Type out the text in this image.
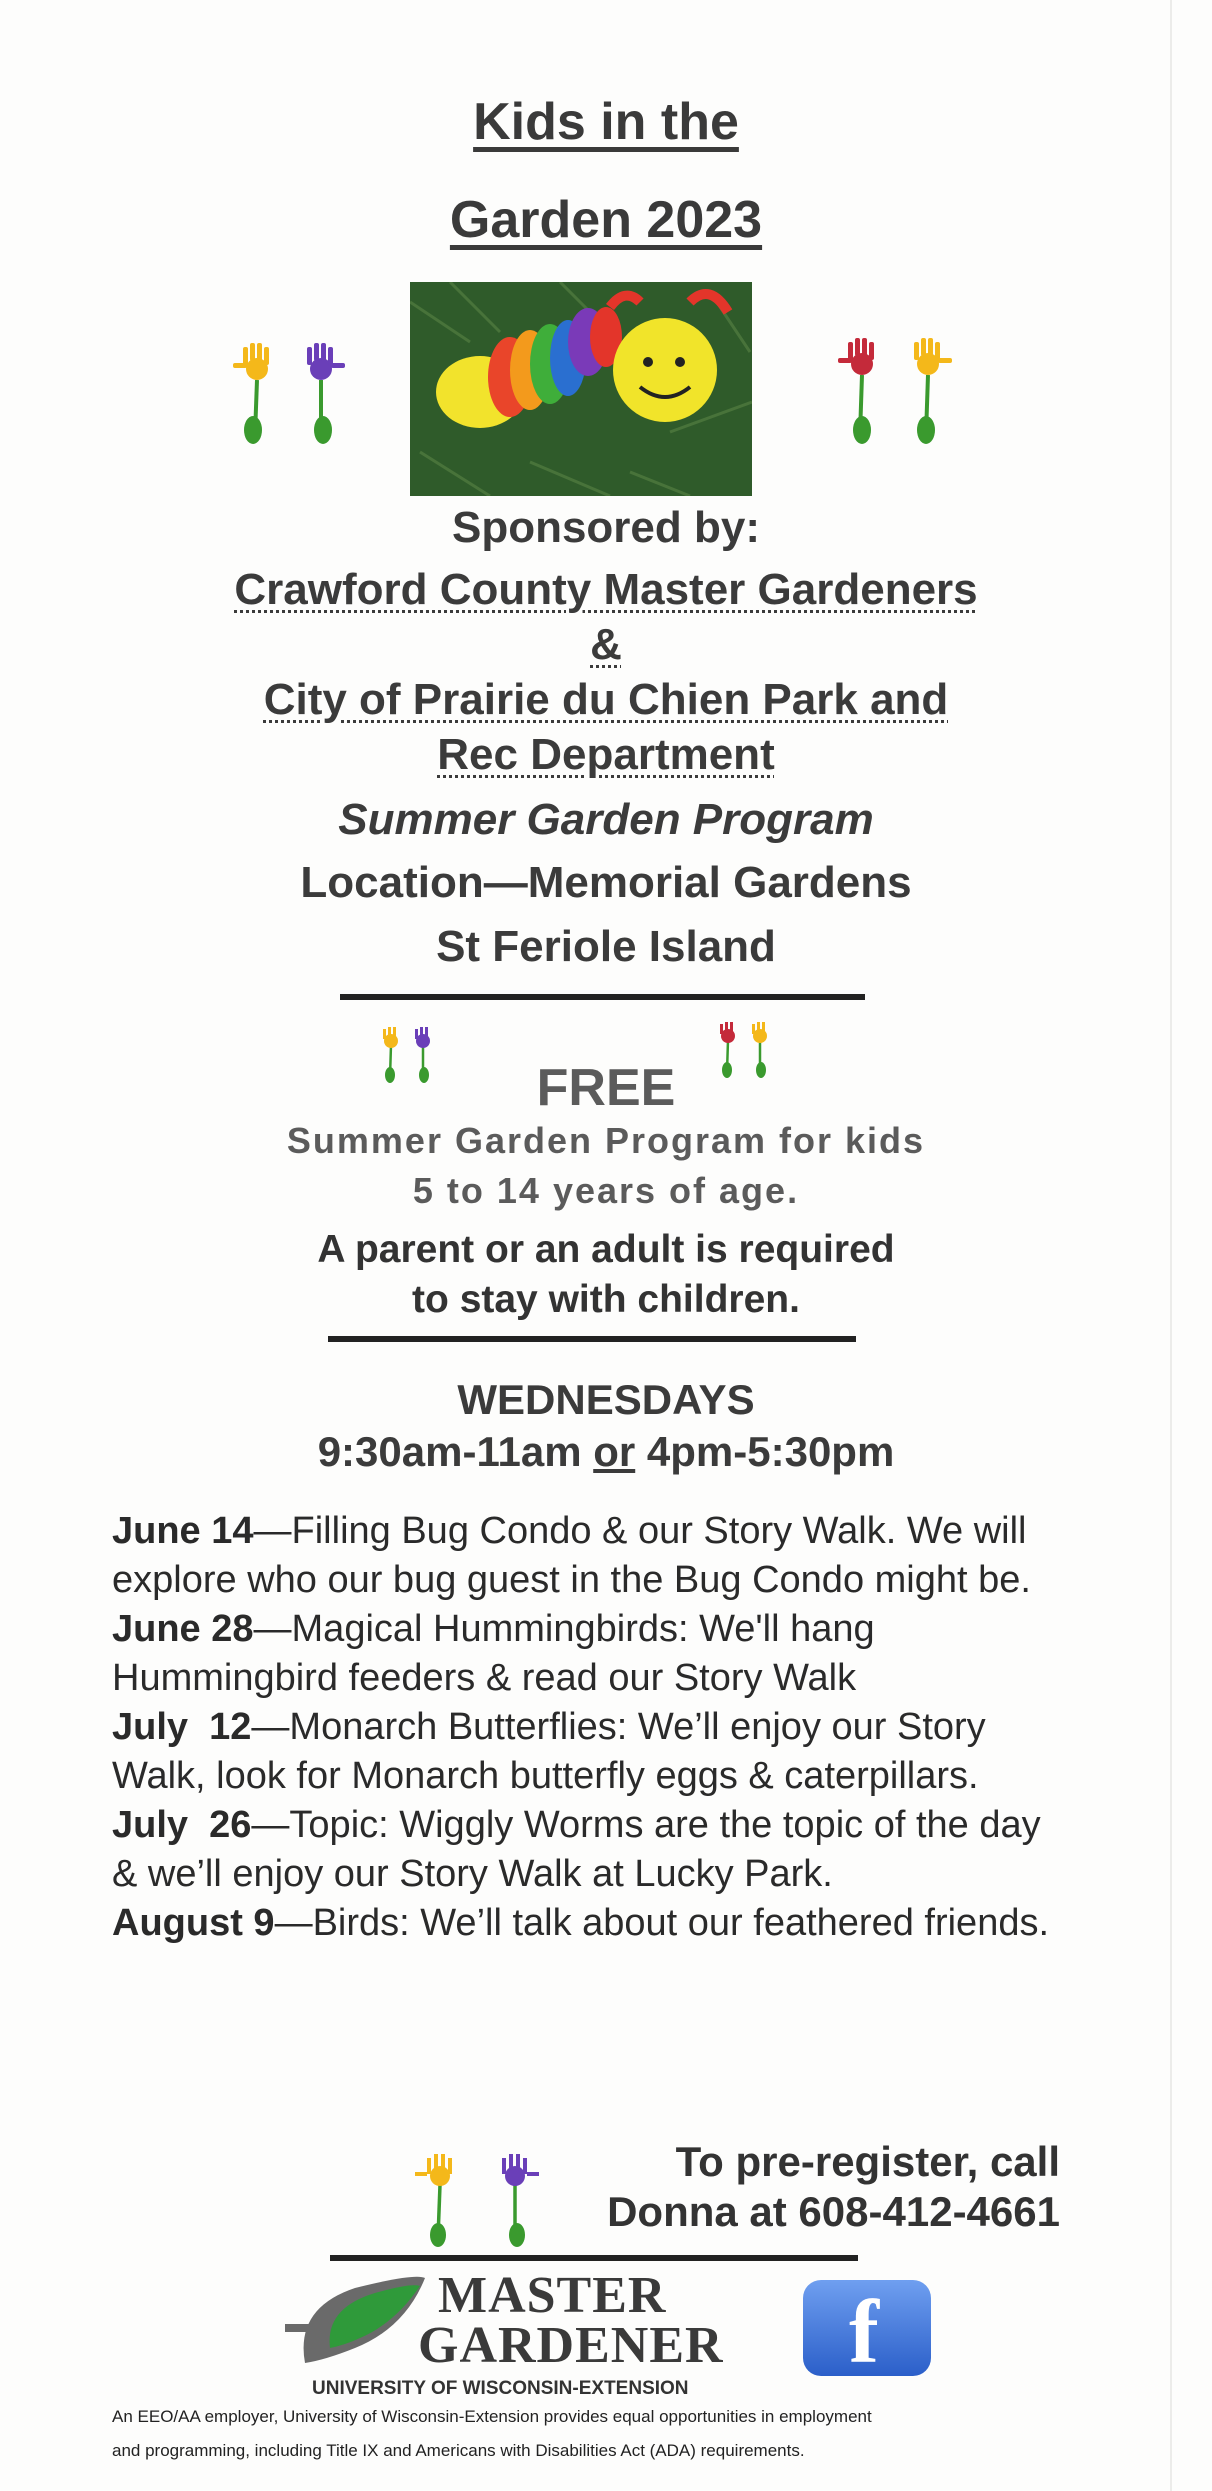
Kids in the
Garden 2023
Sponsored by:
Crawford County Master Gardeners
&
City of Prairie du Chien Park and
Rec Department
Summer Garden Program
Location—Memorial Gardens
St Feriole Island
FREE
Summer Garden Program for kids
5 to 14 years of age.
A parent or an adult is required
to stay with children.
WEDNESDAYS
9:30am-11am or 4pm-5:30pm
June 14—Filling Bug Condo & our Story Walk. We will explore who our bug guest in the Bug Condo might be.
June 28—Magical Hummingbirds: We'll hang Hummingbird feeders & read our Story Walk
July  12—Monarch Butterflies: We’ll enjoy our Story Walk, look for Monarch butterfly eggs & caterpillars.
July  26—Topic: Wiggly Worms are the topic of the day & we’ll enjoy our Story Walk at Lucky Park.
August 9—Birds: We’ll talk about our feathered friends.
To pre-register, call
Donna at 608-412-4661
MASTER
GARDENER
UNIVERSITY OF WISCONSIN-EXTENSION
f
An EEO/AA employer, University of Wisconsin-Extension provides equal opportunities in employment
and programming, including Title IX and Americans with Disabilities Act (ADA) requirements.
